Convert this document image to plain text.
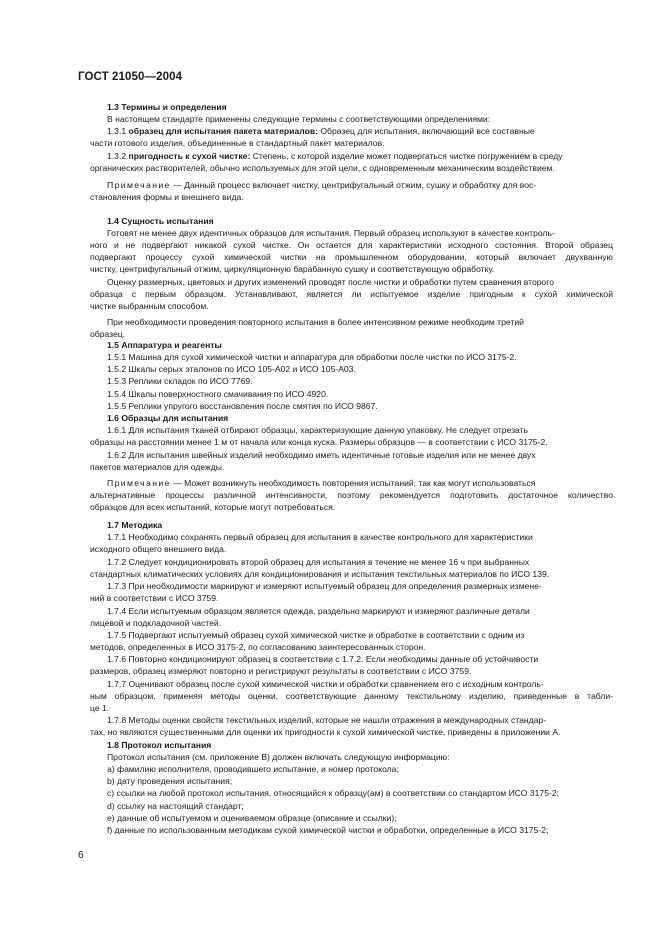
ГОСТ 21050—2004
1.3 Термины и определения
В настоящем стандарте применены следующие термины с соответствующими определениями:
1.3.1 образец для испытания пакета материалов: Образец для испытания, включающий все составные
части готового изделия, объединенные в стандартный пакет материалов.
1.3.2 пригодность к сухой чистке: Степень, с которой изделие может подвергаться чистке погружением в среду
органических растворителей, обычно используемых для этой цели, с одновременным механическим воздействием.
Примечание — Данный процесс включает чистку, центрифугальный отжим, сушку и обработку для вос-
становления формы и внешнего вида.
1.4 Сущность испытания
Готовят не менее двух идентичных образцов для испытания. Первый образец используют в качестве контроль-
ного и не подвергают никакой сухой чистке. Он остается для характеристики исходного состояния. Второй образец
подвергают процессу сухой химической чистки на промышленном оборудовании, который включает двухванную
чистку, центрифугальный отжим, циркуляционную барабанную сушку и соответствующую обработку.
Оценку размерных, цветовых и других изменений проводят после чистки и обработки путем сравнения второго
образца с первым образцом. Устанавливают, является ли испытуемое изделие пригодным к сухой химической
чистке выбранным способом.
При необходимости проведения повторного испытания в более интенсивном режиме необходим третий
образец.
1.5 Аппаратура и реагенты
1.5.1 Машина для сухой химической чистки и аппаратура для обработки после чистки по ИСО 3175-2.
1.5.2 Шкалы серых эталонов по ИСО 105-А02 и ИСО 105-А03.
1.5.3 Реплики складок по ИСО 7769.
1.5.4 Шкалы поверхностного смачивания по ИСО 4920.
1.5.5 Реплики упругого восстановления после смятия по ИСО 9867.
1.6 Образцы для испытания
1.6.1 Для испытания тканей отбирают образцы, характеризующие данную упаковку. Не следует отрезать
образцы на расстоянии менее 1 м от начала или конца куска. Размеры образцов — в соответствии с ИСО 3175-2.
1.6.2 Для испытания швейных изделий необходимо иметь идентичные готовые изделия или не менее двух
пакетов материалов для одежды.
Примечание — Может возникнуть необходимость повторения испытаний, так как могут использоваться
альтернативные процессы различной интенсивности, поэтому рекомендуется подготовить достаточное количество
образцов для всех испытаний, которые могут потребоваться.
1.7 Методика
1.7.1 Необходимо сохранять первый образец для испытания в качестве контрольного для характеристики
исходного общего внешнего вида.
1.7.2 Следует кондиционировать второй образец для испытания в течение не менее 16 ч при выбранных
стандартных климатических условиях для кондиционирования и испытания текстильных материалов по ИСО 139.
1.7.3 При необходимости маркируют и измеряют испытуемый образец для определения размерных измене-
ний в соответствии с ИСО 3759.
1.7.4 Если испытуемым образцом является одежда, раздельно маркируют и измеряют различные детали
лицевой и подкладочной частей.
1.7.5 Подвергают испытуемый образец сухой химической чистке и обработке в соответствии с одним из
методов, определенных в ИСО 3175-2, по согласованию заинтересованных сторон.
1.7.6 Повторно кондиционируют образец в соответствии с 1.7.2. Если необходимы данные об устойчивости
размеров, образец измеряют повторно и регистрируют результаты в соответствии с ИСО 3759.
1.7.7 Оценивают образец после сухой химической чистки и обработки сравнением его с исходным контроль-
ным образцом, применяя методы оценки, соответствующие данному текстильному изделию, приведенные в табли-
це 1.
1.7.8 Методы оценки свойств текстильных изделий, которые не нашли отражения в международных стандар-
тах, но являются существенными для оценки их пригодности к сухой химической чистке, приведены в приложении А.
1.8 Протокол испытания
Протокол испытания (см. приложение В) должен включать следующую информацию:
а) фамилию исполнителя, проводившего испытание, и номер протокола;
b) дату проведения испытания;
с) ссылки на любой протокол испытания, относящийся к образцу(ам) в соответствии со стандартом ИСО 3175-2;
d) ссылку на настоящий стандарт;
e) данные об испытуемом и оцениваемом образце (описание и ссылки);
f) данные по использованным методикам сухой химической чистки и обработки, определенные в ИСО 3175-2;
6
